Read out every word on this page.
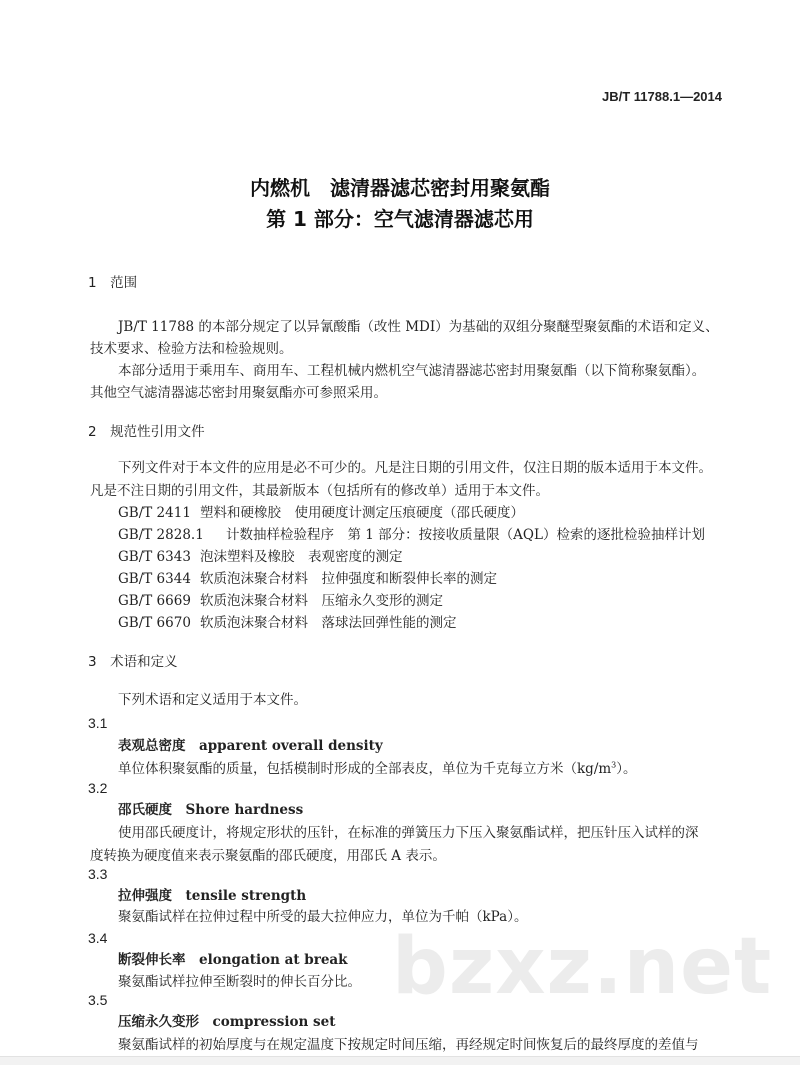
bzxz.net
JB/T 11788.1—2014
内燃机　滤清器滤芯密封用聚氨酯
第 1 部分：空气滤清器滤芯用
1　范围
JB/T 11788 的本部分规定了以异氰酸酯（改性 MDI）为基础的双组分聚醚型聚氨酯的术语和定义、
技术要求、检验方法和检验规则。
本部分适用于乘用车、商用车、工程机械内燃机空气滤清器滤芯密封用聚氨酯（以下简称聚氨酯）。
其他空气滤清器滤芯密封用聚氨酯亦可参照采用。
2　规范性引用文件
下列文件对于本文件的应用是必不可少的。凡是注日期的引用文件，仅注日期的版本适用于本文件。
凡是不注日期的引用文件，其最新版本（包括所有的修改单）适用于本文件。
GB/T 2411 塑料和硬橡胶　使用硬度计测定压痕硬度（邵氏硬度）
GB/T 2828.1 计数抽样检验程序　第 1 部分：按接收质量限（AQL）检索的逐批检验抽样计划
GB/T 6343 泡沫塑料及橡胶　表观密度的测定
GB/T 6344 软质泡沫聚合材料　拉伸强度和断裂伸长率的测定
GB/T 6669 软质泡沫聚合材料　压缩永久变形的测定
GB/T 6670 软质泡沫聚合材料　落球法回弹性能的测定
3　术语和定义
下列术语和定义适用于本文件。
3.1
表观总密度　apparent overall density
单位体积聚氨酯的质量，包括模制时形成的全部表皮，单位为千克每立方米$(kg/m^3)$。
3.2
邵氏硬度　Shore hardness
使用邵氏硬度计，将规定形状的压针，在标准的弹簧压力下压入聚氨酯试样，把压针压入试样的深
度转换为硬度值来表示聚氨酯的邵氏硬度，用邵氏 A 表示。
3.3
拉伸强度　tensile strength
聚氨酯试样在拉伸过程中所受的最大拉伸应力，单位为千帕（kPa）。
3.4
断裂伸长率　elongation at break
聚氨酯试样拉伸至断裂时的伸长百分比。
3.5
压缩永久变形　compression set
聚氨酯试样的初始厚度与在规定温度下按规定时间压缩，再经规定时间恢复后的最终厚度的差值与
